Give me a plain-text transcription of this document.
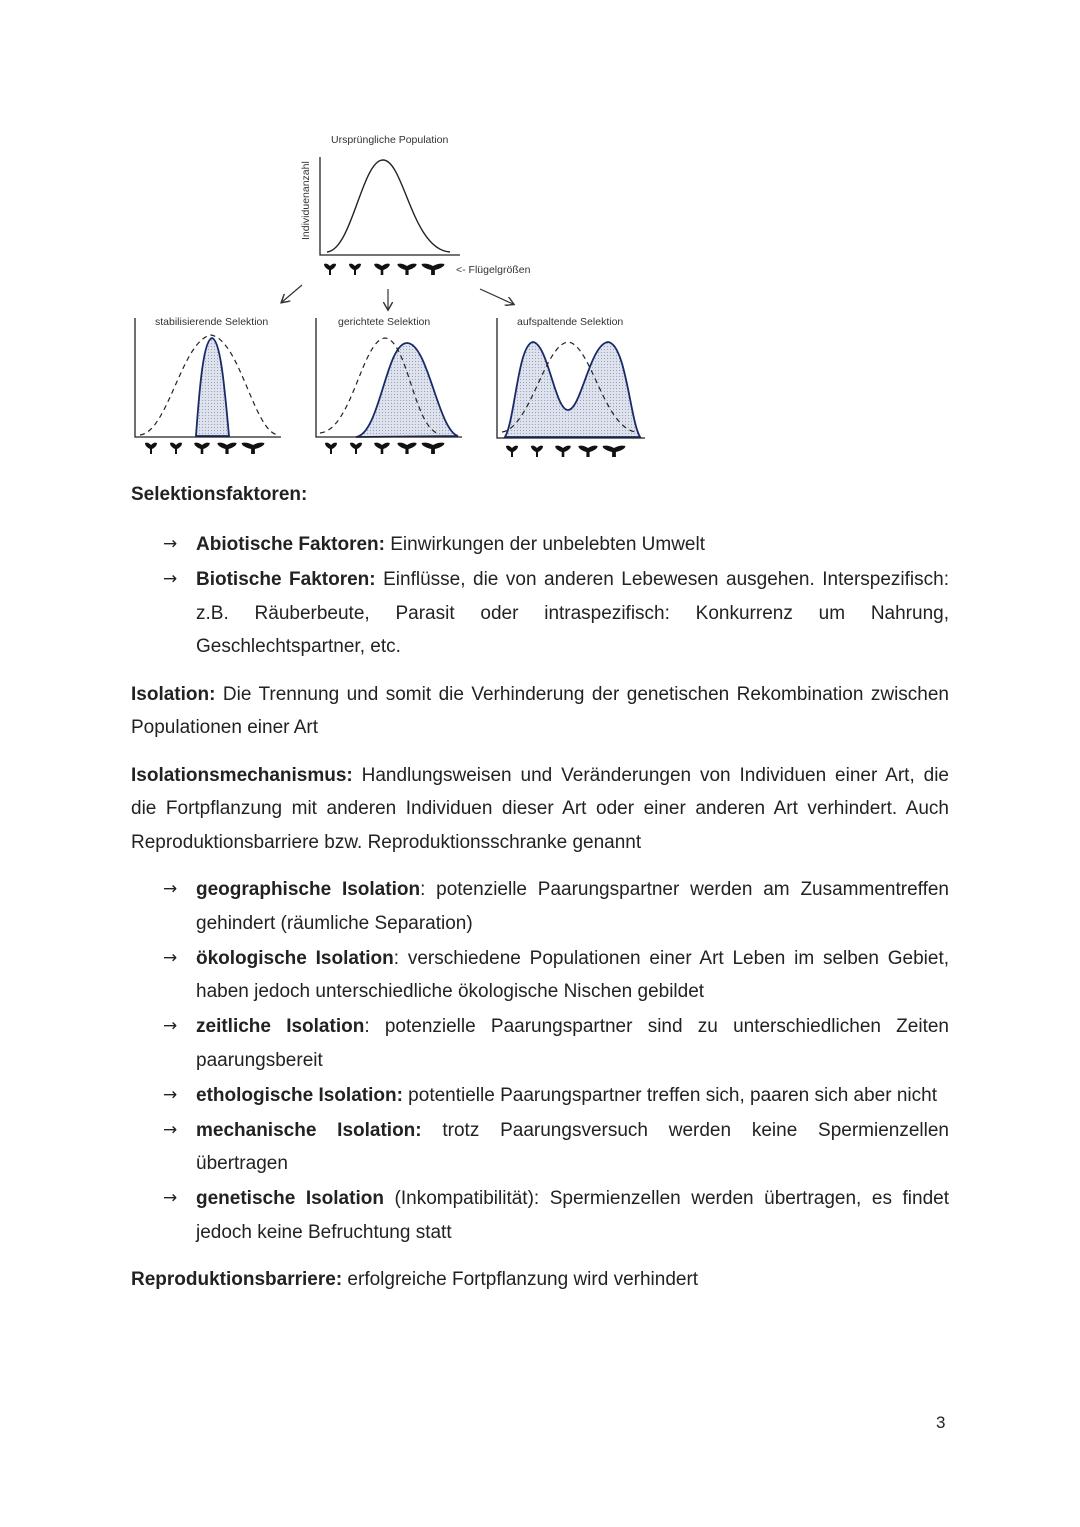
Ursprüngliche Population
Individuenanzahl
<- Flügelgrößen
stabilisierende Selektion	gerichtete Selektion	aufspaltende Selektion

Selektionsfaktoren:

→ Abiotische Faktoren: Einwirkungen der unbelebten Umwelt
→ Biotische Faktoren: Einflüsse, die von anderen Lebewesen ausgehen. Interspezifisch: z.B. Räuberbeute, Parasit oder intraspezifisch: Konkurrenz um Nahrung, Geschlechtspartner, etc.

Isolation: Die Trennung und somit die Verhinderung der genetischen Rekombination zwischen Populationen einer Art

Isolationsmechanismus: Handlungsweisen und Veränderungen von Individuen einer Art, die die Fortpflanzung mit anderen Individuen dieser Art oder einer anderen Art verhindert. Auch Reproduktionsbarriere bzw. Reproduktionsschranke genannt

→ geographische Isolation: potenzielle Paarungspartner werden am Zusammentreffen gehindert (räumliche Separation)
→ ökologische Isolation: verschiedene Populationen einer Art Leben im selben Gebiet, haben jedoch unterschiedliche ökologische Nischen gebildet
→ zeitliche Isolation: potenzielle Paarungspartner sind zu unterschiedlichen Zeiten paarungsbereit
→ ethologische Isolation: potentielle Paarungspartner treffen sich, paaren sich aber nicht
→ mechanische Isolation: trotz Paarungsversuch werden keine Spermienzellen übertragen
→ genetische Isolation (Inkompatibilität): Spermienzellen werden übertragen, es findet jedoch keine Befruchtung statt

Reproduktionsbarriere: erfolgreiche Fortpflanzung wird verhindert

3
